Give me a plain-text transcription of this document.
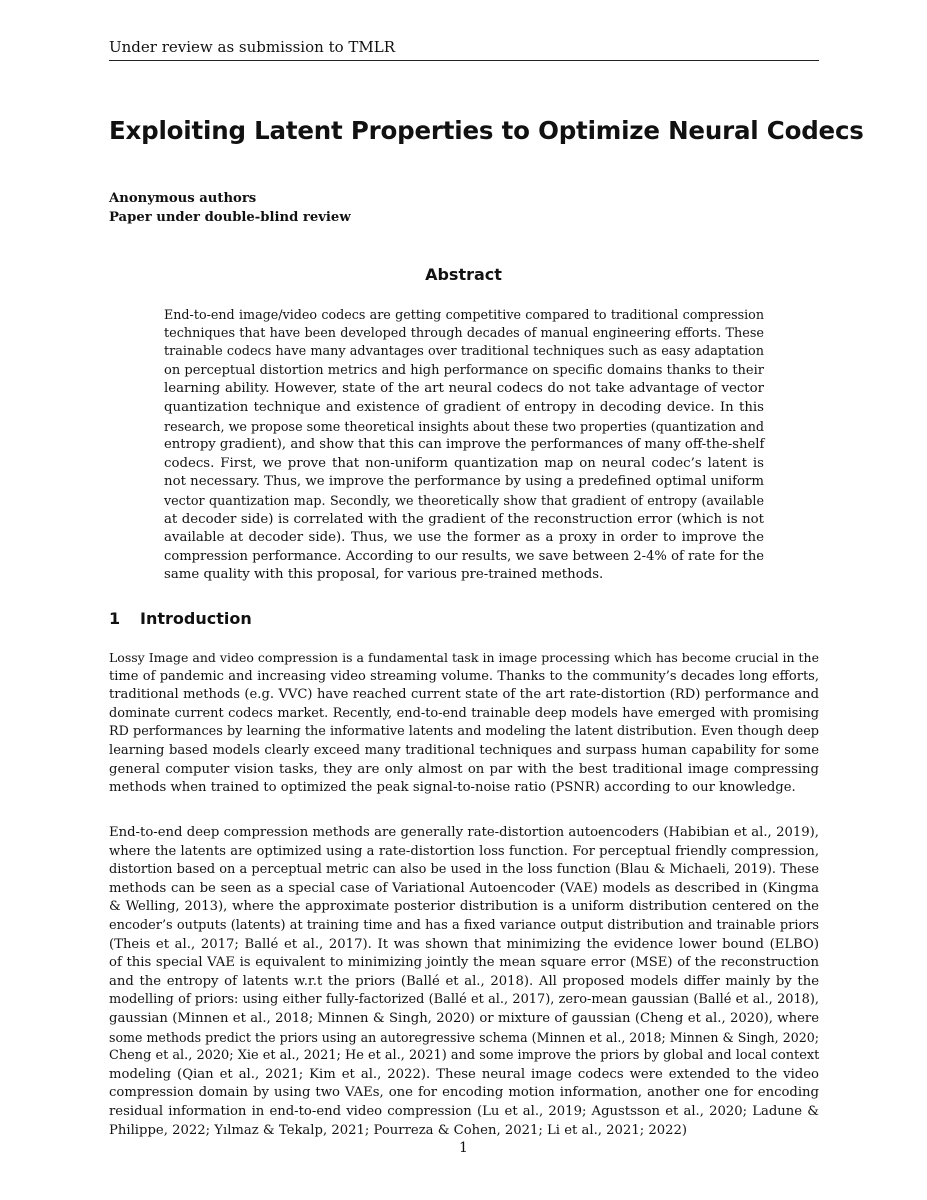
Under review as submission to TMLR
Exploiting Latent Properties to Optimize Neural Codecs
Anonymous authors
Paper under double-blind review
Abstract
End-to-end image/video codecs are getting competitive compared to traditional compression
techniques that have been developed through decades of manual engineering efforts. These
trainable codecs have many advantages over traditional techniques such as easy adaptation
on perceptual distortion metrics and high performance on specific domains thanks to their
learning ability. However, state of the art neural codecs do not take advantage of vector
quantization technique and existence of gradient of entropy in decoding device. In this
research, we propose some theoretical insights about these two properties (quantization and
entropy gradient), and show that this can improve the performances of many off-the-shelf
codecs. First, we prove that non-uniform quantization map on neural codec’s latent is
not necessary. Thus, we improve the performance by using a predefined optimal uniform
vector quantization map. Secondly, we theoretically show that gradient of entropy (available
at decoder side) is correlated with the gradient of the reconstruction error (which is not
available at decoder side). Thus, we use the former as a proxy in order to improve the
compression performance. According to our results, we save between 2-4% of rate for the
same quality with this proposal, for various pre-trained methods.
1 Introduction
Lossy Image and video compression is a fundamental task in image processing which has become crucial in the
time of pandemic and increasing video streaming volume. Thanks to the community’s decades long efforts,
traditional methods (e.g. VVC) have reached current state of the art rate-distortion (RD) performance and
dominate current codecs market. Recently, end-to-end trainable deep models have emerged with promising
RD performances by learning the informative latents and modeling the latent distribution. Even though deep
learning based models clearly exceed many traditional techniques and surpass human capability for some
general computer vision tasks, they are only almost on par with the best traditional image compressing
methods when trained to optimized the peak signal-to-noise ratio (PSNR) according to our knowledge.
End-to-end deep compression methods are generally rate-distortion autoencoders (Habibian et al., 2019),
where the latents are optimized using a rate-distortion loss function. For perceptual friendly compression,
distortion based on a perceptual metric can also be used in the loss function (Blau & Michaeli, 2019). These
methods can be seen as a special case of Variational Autoencoder (VAE) models as described in (Kingma
& Welling, 2013), where the approximate posterior distribution is a uniform distribution centered on the
encoder’s outputs (latents) at training time and has a fixed variance output distribution and trainable priors
(Theis et al., 2017; Ballé et al., 2017). It was shown that minimizing the evidence lower bound (ELBO)
of this special VAE is equivalent to minimizing jointly the mean square error (MSE) of the reconstruction
and the entropy of latents w.r.t the priors (Ballé et al., 2018). All proposed models differ mainly by the
modelling of priors: using either fully-factorized (Ballé et al., 2017), zero-mean gaussian (Ballé et al., 2018),
gaussian (Minnen et al., 2018; Minnen & Singh, 2020) or mixture of gaussian (Cheng et al., 2020), where
some methods predict the priors using an autoregressive schema (Minnen et al., 2018; Minnen & Singh, 2020;
Cheng et al., 2020; Xie et al., 2021; He et al., 2021) and some improve the priors by global and local context
modeling (Qian et al., 2021; Kim et al., 2022). These neural image codecs were extended to the video
compression domain by using two VAEs, one for encoding motion information, another one for encoding
residual information in end-to-end video compression (Lu et al., 2019; Agustsson et al., 2020; Ladune &
Philippe, 2022; Yılmaz & Tekalp, 2021; Pourreza & Cohen, 2021; Li et al., 2021; 2022)
1
